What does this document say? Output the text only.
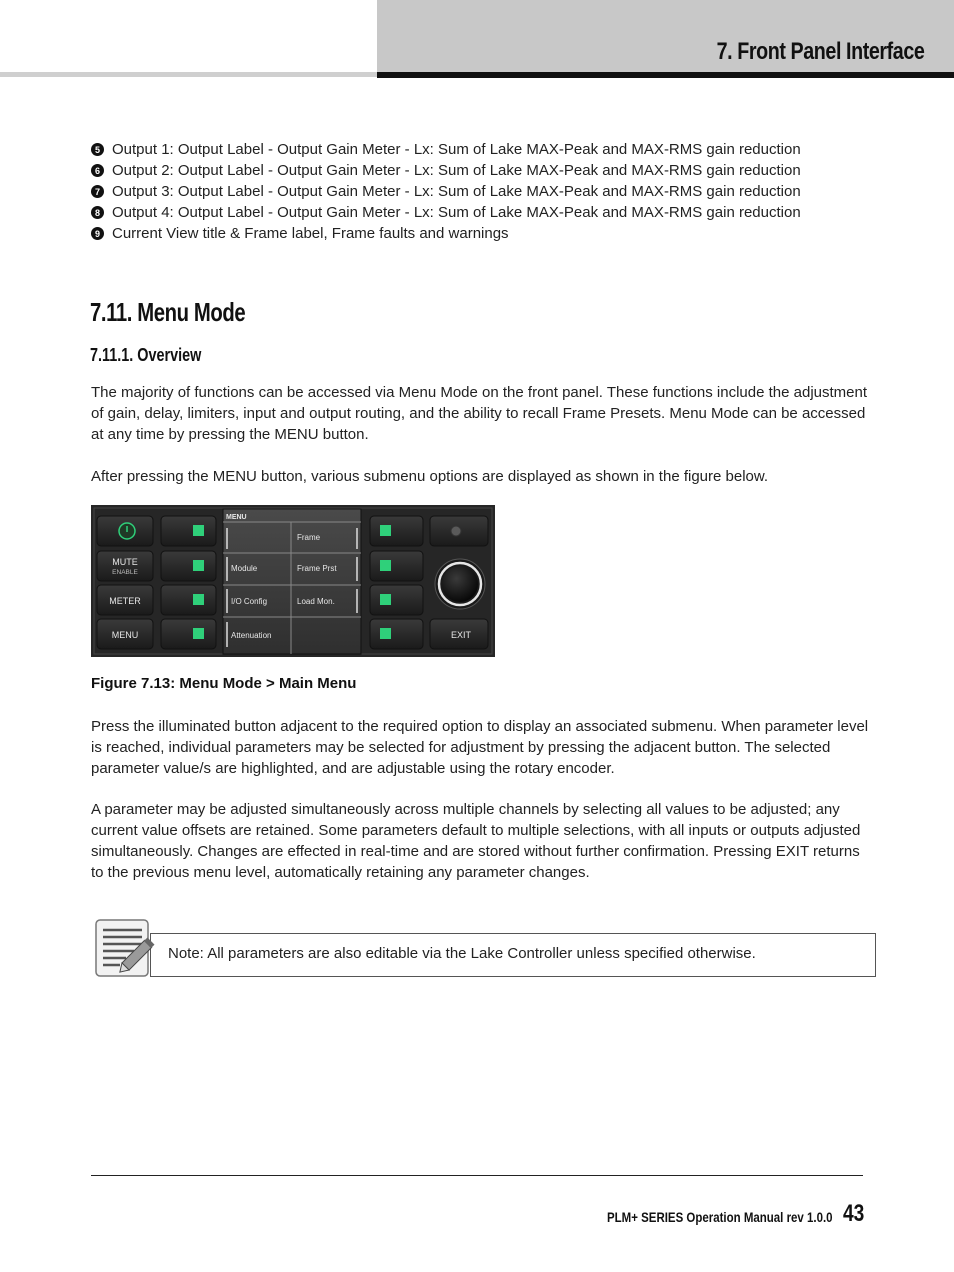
7. Front Panel Interface
5 Output 1: Output Label - Output Gain Meter - Lx: Sum of Lake MAX-Peak and MAX-RMS gain reduction
6 Output 2: Output Label - Output Gain Meter - Lx: Sum of Lake MAX-Peak and MAX-RMS gain reduction
7 Output 3: Output Label - Output Gain Meter - Lx: Sum of Lake MAX-Peak and MAX-RMS gain reduction
8 Output 4: Output Label - Output Gain Meter - Lx: Sum of Lake MAX-Peak and MAX-RMS gain reduction
9 Current View title & Frame label, Frame faults and warnings
7.11. Menu Mode
7.11.1. Overview

The majority of functions can be accessed via Menu Mode on the front panel. These functions include the adjustment of gain, delay, limiters, input and output routing, and the ability to recall Frame Presets. Menu Mode can be accessed at any time by pressing the MENU button.

After pressing the MENU button, various submenu options are displayed as shown in the figure below.

MUTE
ENABLE
METER
MENU
MENU
Module
I/O Config
Attenuation
Frame
Frame Prst
Load Mon.
EXIT
Figure 7.13: Menu Mode > Main Menu

Press the illuminated button adjacent to the required option to display an associated submenu. When parameter level is reached, individual parameters may be selected for adjustment by pressing the adjacent button. The selected parameter value/s are highlighted, and are adjustable using the rotary encoder.

A parameter may be adjusted simultaneously across multiple channels by selecting all values to be adjusted; any current value offsets are retained. Some parameters default to multiple selections, with all inputs or outputs adjusted simultaneously. Changes are effected in real-time and are stored without further confirmation. Pressing EXIT returns to the previous menu level, automatically retaining any parameter changes.

Note: All parameters are also editable via the Lake Controller unless specified otherwise.
PLM+ SERIES Operation Manual rev 1.0.0 43
